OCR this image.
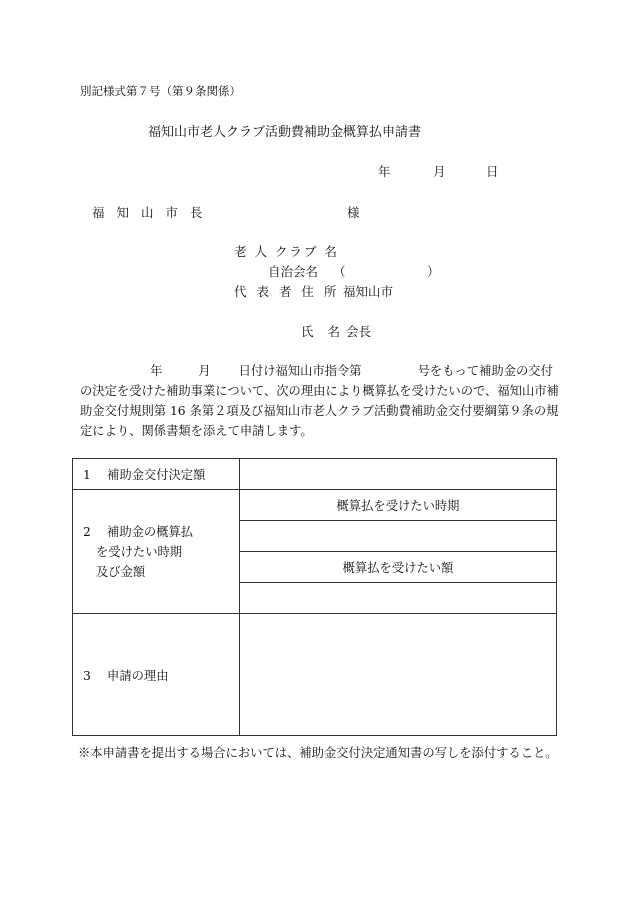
別記様式第７号（第９条関係）
福知山市老人クラブ活動費補助金概算払申請書
年	月	日
福 知 山 市 長	様
老 人 クラブ 名
自治会名 （	）
代 表 者 住 所 福知山市
氏 名 会長
年	月 日付け福知山市指令第	号をもって補助金の交付の決定を受けた補助事業について、次の理由により概算払を受けたいので、福知山市補助金交付規則第 16 条第２項及び福知山市老人クラブ活動費補助金交付要綱第９条の規定により、関係書類を添えて申請します。
1　 補助金交付決定額	

2　 補助金の概算払
を受けたい時期
及び金額	概算払を受けたい時期

	概算払を受けたい額

3　 申請の理由	
※本申請書を提出する場合においては、補助金交付決定通知書の写しを添付すること。
